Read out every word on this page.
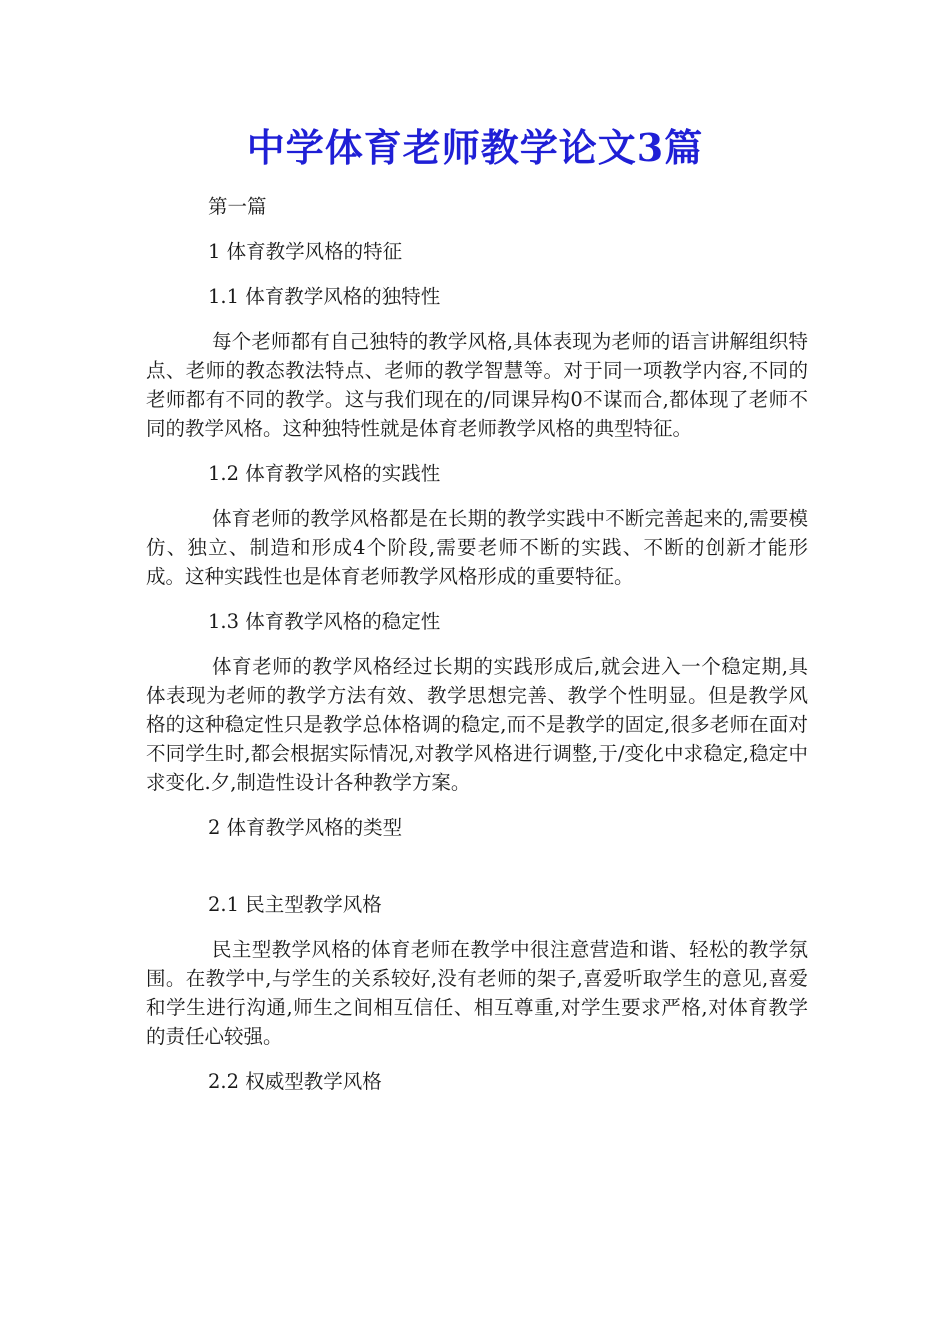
中学体育老师教学论文3篇

第一篇

1 体育教学风格的特征

1.1 体育教学风格的独特性

每个老师都有自己独特的教学风格,具体表现为老师的语言讲解组织特点、老师的教态教法特点、老师的教学智慧等。对于同一项教学内容,不同的老师都有不同的教学。这与我们现在的/同课异构0不谋而合,都体现了老师不同的教学风格。这种独特性就是体育老师教学风格的典型特征。

1.2 体育教学风格的实践性

体育老师的教学风格都是在长期的教学实践中不断完善起来的,需要模仿、独立、制造和形成4个阶段,需要老师不断的实践、不断的创新才能形成。这种实践性也是体育老师教学风格形成的重要特征。

1.3 体育教学风格的稳定性

体育老师的教学风格经过长期的实践形成后,就会进入一个稳定期,具体表现为老师的教学方法有效、教学思想完善、教学个性明显。但是教学风格的这种稳定性只是教学总体格调的稳定,而不是教学的固定,很多老师在面对不同学生时,都会根据实际情况,对教学风格进行调整,于/变化中求稳定,稳定中求变化.夕,制造性设计各种教学方案。

2 体育教学风格的类型

2.1 民主型教学风格

民主型教学风格的体育老师在教学中很注意营造和谐、轻松的教学氛围。在教学中,与学生的关系较好,没有老师的架子,喜爱听取学生的意见,喜爱和学生进行沟通,师生之间相互信任、相互尊重,对学生要求严格,对体育教学的责任心较强。

2.2 权威型教学风格
